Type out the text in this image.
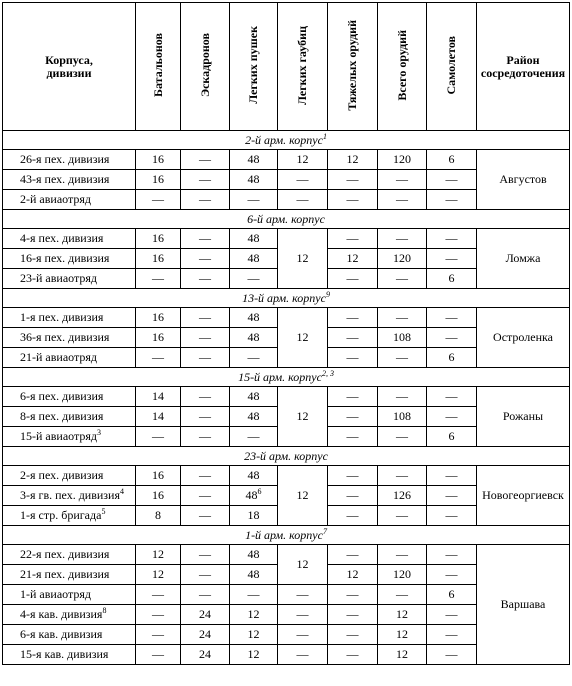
Корпуса,
дивизии	Батальонов	Эскадронов	Легких пушек	Легких гаубиц	Тяжелых орудий	Всего орудий	Самолетов	Район
сосредоточения
2-й арм. корпус$^1$
26-я пех. дивизия	16	—	48	12	12	120	6	Августов
43-я пех. дивизия	16	—	48	—	—	—	—	
2-й авиаотряд	—	—	—	—	—	—	—	
6-й арм. корпус								
4-я пех. дивизия	16	—	48	12	—	—	—	Ломжа
16-я пех. дивизия	16	—	48		12	120	—	
23-й авиаотряд	—	—	—		—	—	6	
13-й арм. корпус$^9$
1-я пех. дивизия	16	—	48	12	—	—	—	Остроленка
36-я пех. дивизия	16	—	48		—	108	—	
21-й авиаотряд	—	—	—		—	—	6	
15-й арм. корпус$^{2, 3}$
6-я пех. дивизия	14	—	48	12	—	—	—	Рожаны
8-я пех. дивизия	14	—	48		—	108	—	
15-й авиаотряд$^3$	—	—	—		—	—	6	
23-й арм. корпус								
2-я пех. дивизия	16	—	48	12	—	—	—	Новогеоргиевск
3-я гв. пех. дивизия$^4$	16	—	$48^6$		—	126	—	
1-я стр. бригада$^5$	8	—	18		—	—	—	
1-й арм. корпус$^7$
22-я пех. дивизия	12	—	48	12	—	—	—	Варшава
21-я пех. дивизия	12	—	48		12	120	—	
1-й авиаотряд	—	—	—	—	—	—	6	
4-я кав. дивизия$^8$	—	24	12	—	—	12	—	
6-я кав. дивизия	—	24	12	—	—	12	—	
15-я кав. дивизия	—	24	12	—	—	12	—	
